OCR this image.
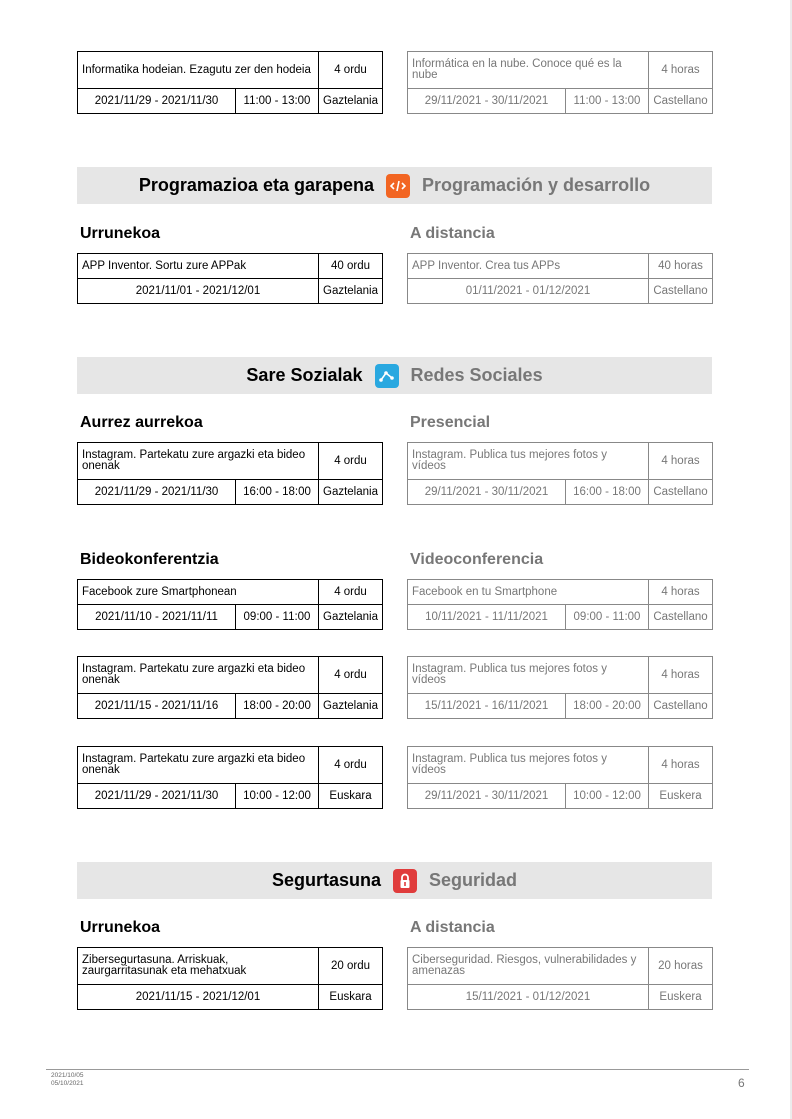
Informatika hodeian. Ezagutu zer den hodeia		4 ordu
2021/11/29 - 2021/11/30	11:00 - 13:00	Gaztelania
Informática en la nube. Conoce qué es la nube		4 horas
29/11/2021 - 30/11/2021	11:00 - 13:00	Castellano
Programazioa eta garapena	Programación y desarrollo
Urrunekoa	A distancia
APP Inventor. Sortu zure APPak	40 ordu
2021/11/01 - 2021/12/01	Gaztelania
APP Inventor. Crea tus APPs	40 horas
01/11/2021 - 01/12/2021	Castellano
Sare Sozialak	Redes Sociales
Aurrez aurrekoa	Presencial
Instagram. Partekatu zure argazki eta bideo onenak		4 ordu
2021/11/29 - 2021/11/30	16:00 - 18:00	Gaztelania
Instagram. Publica tus mejores fotos y vídeos		4 horas
29/11/2021 - 30/11/2021	16:00 - 18:00	Castellano
Bideokonferentzia	Videoconferencia
Facebook zure Smartphonean		4 ordu
2021/11/10 - 2021/11/11	09:00 - 11:00	Gaztelania
Facebook en tu Smartphone		4 horas
10/11/2021 - 11/11/2021	09:00 - 11:00	Castellano
Instagram. Partekatu zure argazki eta bideo onenak		4 ordu
2021/11/15 - 2021/11/16	18:00 - 20:00	Gaztelania
Instagram. Publica tus mejores fotos y vídeos		4 horas
15/11/2021 - 16/11/2021	18:00 - 20:00	Castellano
Instagram. Partekatu zure argazki eta bideo onenak		4 ordu
2021/11/29 - 2021/11/30	10:00 - 12:00	Euskara
Instagram. Publica tus mejores fotos y vídeos		4 horas
29/11/2021 - 30/11/2021	10:00 - 12:00	Euskera
Segurtasuna	Seguridad
Urrunekoa	A distancia
Zibersegurtasuna. Arriskuak, zaurgarritasunak eta mehatxuak	20 ordu
2021/11/15 - 2021/12/01	Euskara
Ciberseguridad. Riesgos, vulnerabilidades y amenazas	20 horas
15/11/2021 - 01/12/2021	Euskera
2021/10/05
05/10/2021	6
